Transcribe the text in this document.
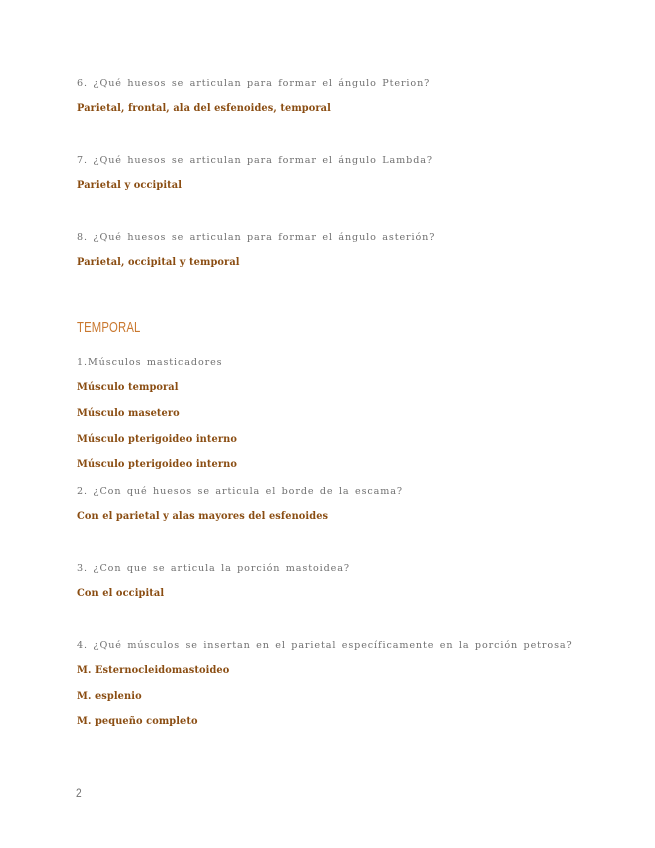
6. ¿Qué huesos se articulan para formar el ángulo Pterion?
Parietal, frontal, ala del esfenoides, temporal
7. ¿Qué huesos se articulan para formar el ángulo Lambda?
Parietal y occipital
8. ¿Qué huesos se articulan para formar el ángulo asterión?
Parietal, occipital y temporal
TEMPORAL
1.Músculos masticadores
Músculo temporal
Músculo masetero
Músculo pterigoideo interno
Músculo pterigoideo interno
2. ¿Con qué huesos se articula el borde de la escama?
Con el parietal y alas mayores del esfenoides
3. ¿Con que se articula la porción mastoidea?
Con el occipital
4. ¿Qué músculos se insertan en el parietal específicamente en la porción petrosa?
M. Esternocleidomastoideo
M. esplenio
M. pequeño completo
2
